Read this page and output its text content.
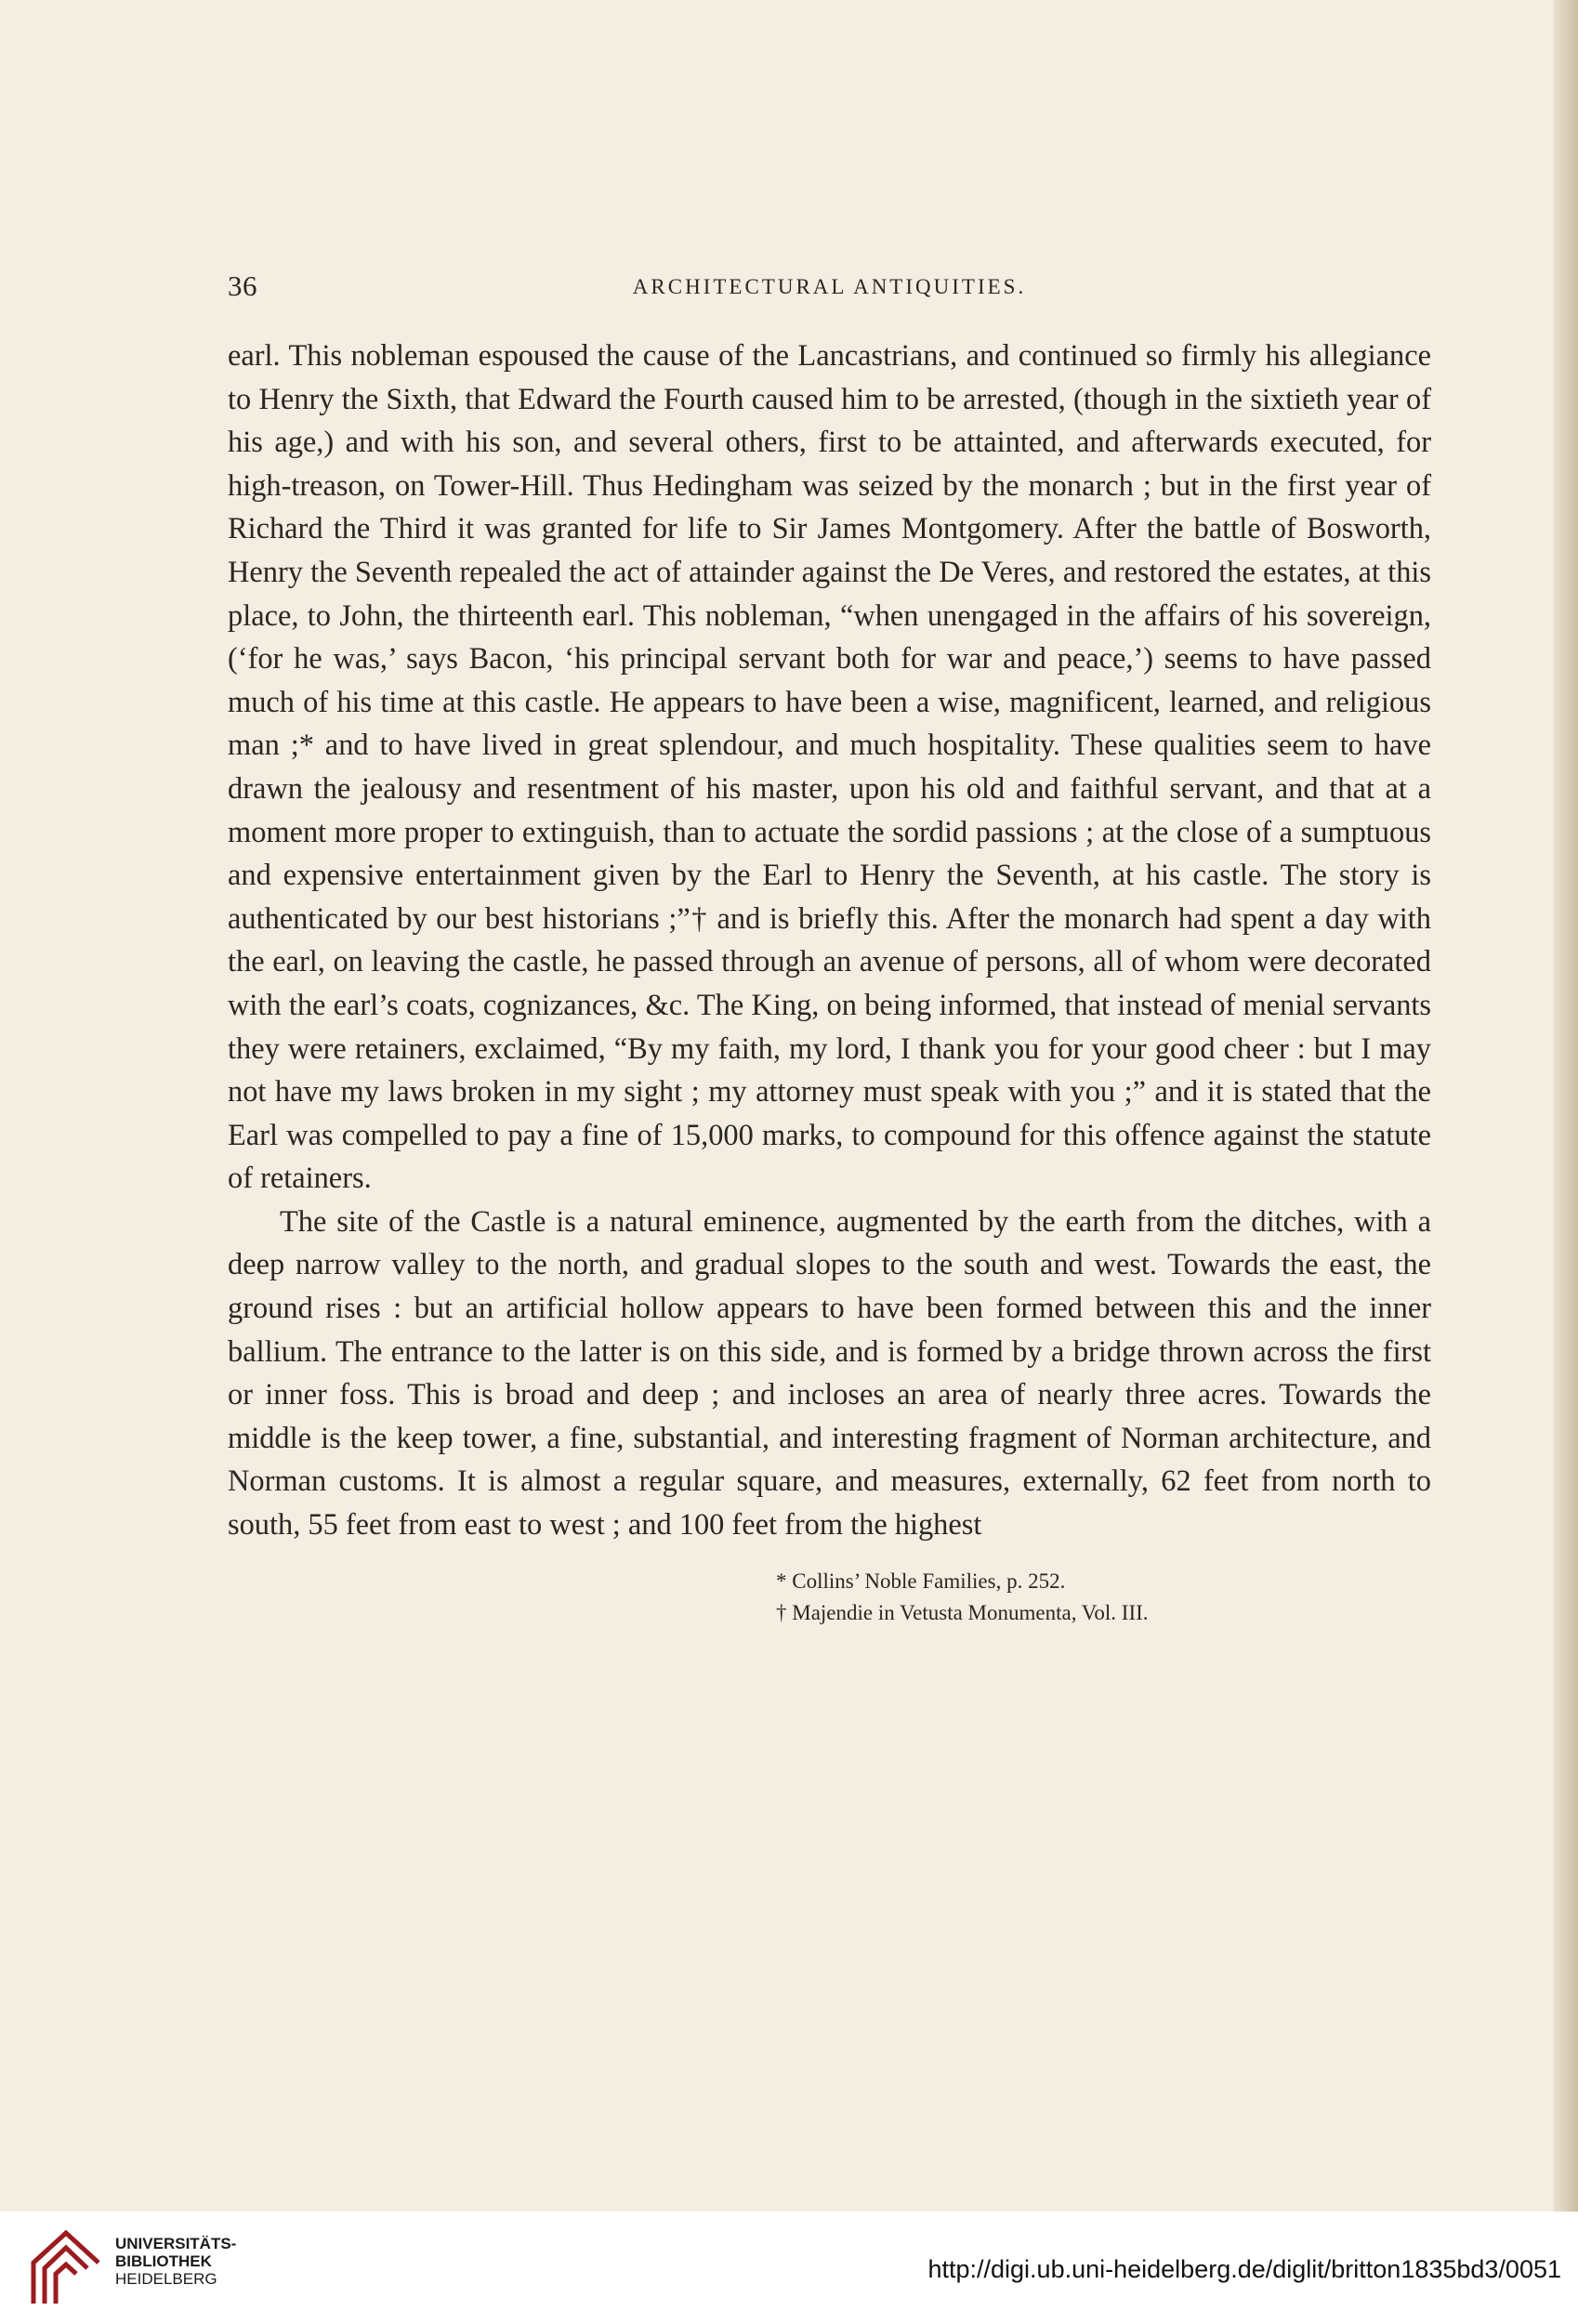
36	ARCHITECTURAL ANTIQUITIES.

earl. This nobleman espoused the cause of the Lancastrians, and continued so firmly his allegiance to Henry the Sixth, that Edward the Fourth caused him to be arrested, (though in the sixtieth year of his age,) and with his son, and several others, first to be attainted, and afterwards executed, for high-treason, on Tower-Hill. Thus Hedingham was seized by the monarch ; but in the first year of Richard the Third it was granted for life to Sir James Montgomery. After the battle of Bosworth, Henry the Seventh repealed the act of attainder against the De Veres, and restored the estates, at this place, to John, the thirteenth earl. This nobleman, “when unengaged in the affairs of his sovereign, (‘for he was,’ says Bacon, ‘his principal servant both for war and peace,’) seems to have passed much of his time at this castle. He appears to have been a wise, magnificent, learned, and religious man ;* and to have lived in great splendour, and much hospitality. These qualities seem to have drawn the jealousy and resentment of his master, upon his old and faithful servant, and that at a moment more proper to extinguish, than to actuate the sordid passions ; at the close of a sumptuous and expensive entertainment given by the Earl to Henry the Seventh, at his castle. The story is authenticated by our best historians ;”† and is briefly this. After the monarch had spent a day with the earl, on leaving the castle, he passed through an avenue of persons, all of whom were decorated with the earl’s coats, cognizances, &c. The King, on being informed, that instead of menial servants they were retainers, exclaimed, “By my faith, my lord, I thank you for your good cheer : but I may not have my laws broken in my sight ; my attorney must speak with you ;” and it is stated that the Earl was compelled to pay a fine of 15,000 marks, to compound for this offence against the statute of retainers.

The site of the Castle is a natural eminence, augmented by the earth from the ditches, with a deep narrow valley to the north, and gradual slopes to the south and west. Towards the east, the ground rises : but an artificial hollow appears to have been formed between this and the inner ballium. The entrance to the latter is on this side, and is formed by a bridge thrown across the first or inner foss. This is broad and deep ; and incloses an area of nearly three acres. Towards the middle is the keep tower, a fine, substantial, and interesting fragment of Norman architecture, and Norman customs. It is almost a regular square, and measures, externally, 62 feet from north to south, 55 feet from east to west ; and 100 feet from the highest

* Collins’ Noble Families, p. 252.
† Majendie in Vetusta Monumenta, Vol. III.
UNIVERSITÄTS-
BIBLIOTHEK
HEIDELBERG	http://digi.ub.uni-heidelberg.de/diglit/britton1835bd3/0051
